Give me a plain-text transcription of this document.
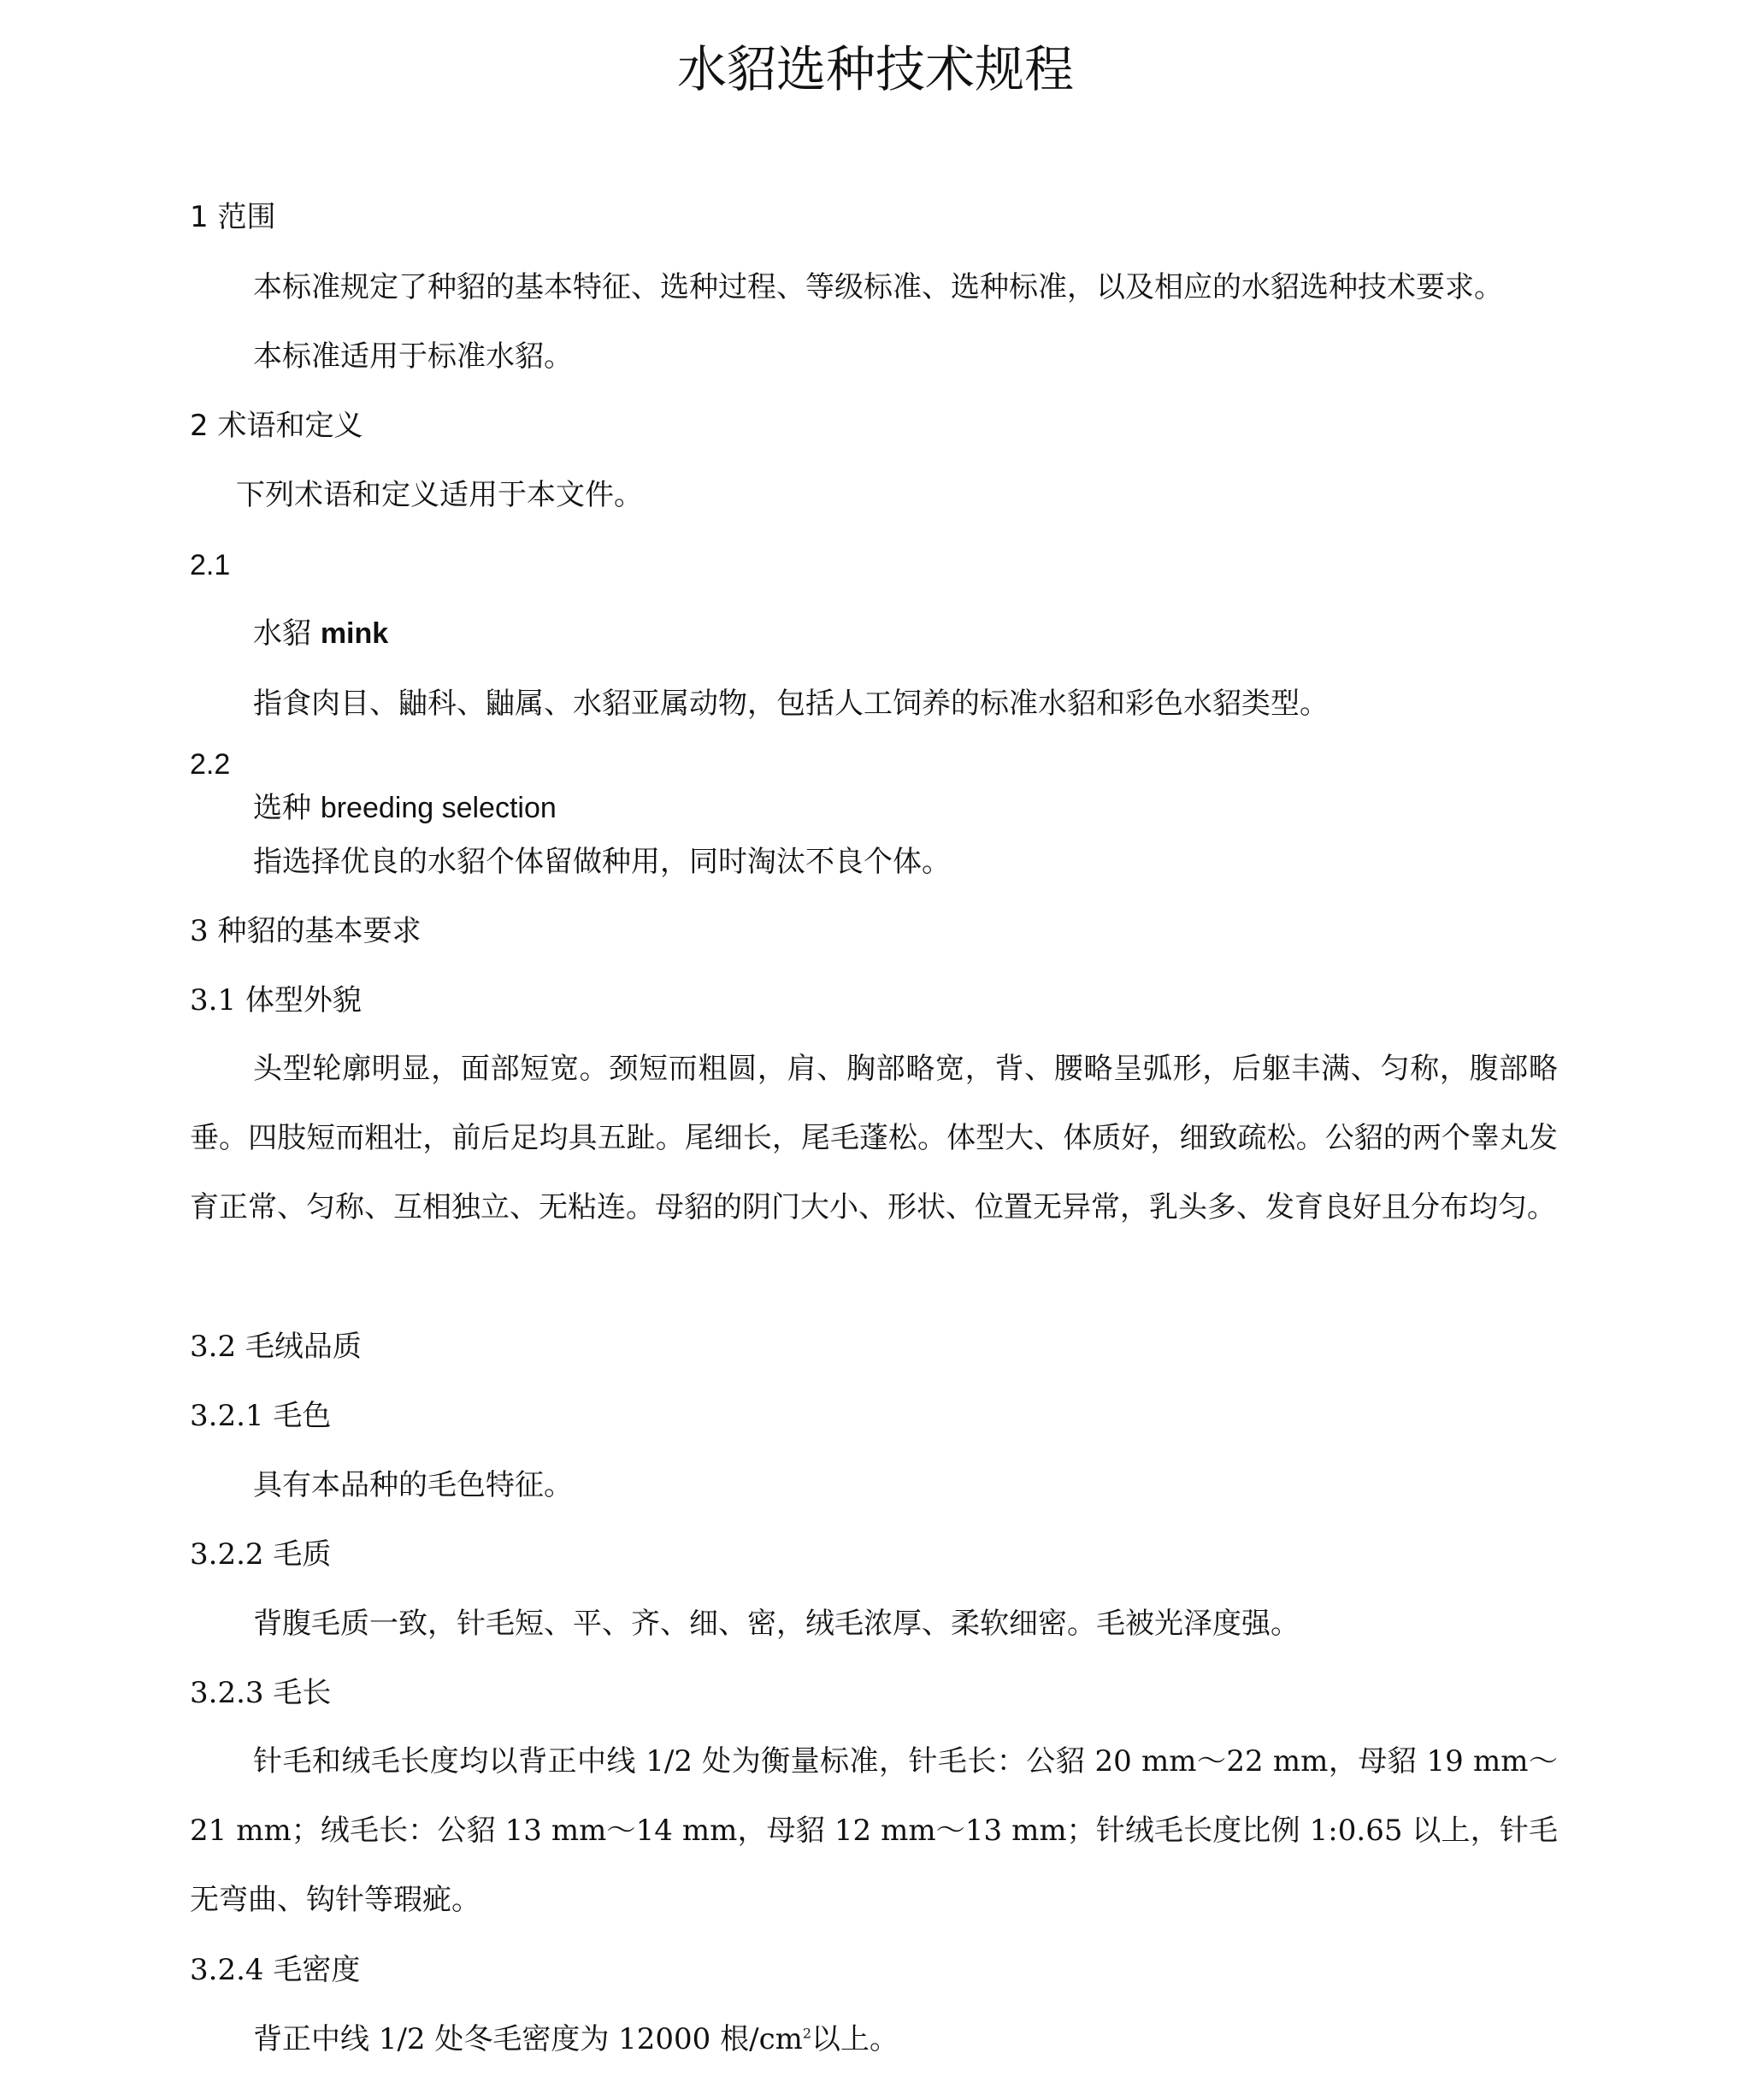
水貂选种技术规程
1 范围
本标准规定了种貂的基本特征、选种过程、等级标准、选种标准，以及相应的水貂选种技术要求。
本标准适用于标准水貂。
2 术语和定义
下列术语和定义适用于本文件。
2.1
水貂 mink
指食肉目、鼬科、鼬属、水貂亚属动物，包括人工饲养的标准水貂和彩色水貂类型。
2.2
选种 breeding selection
指选择优良的水貂个体留做种用，同时淘汰不良个体。
3 种貂的基本要求
3.1 体型外貌

头型轮廓明显，面部短宽。颈短而粗圆，肩、胸部略宽，背、腰略呈弧形，后躯丰满、匀称，腹部略垂。四肢短而粗壮，前后足均具五趾。尾细长，尾毛蓬松。体型大、体质好，细致疏松。公貂的两个睾丸发育正常、匀称、互相独立、无粘连。母貂的阴门大小、形状、位置无异常，乳头多、发育良好且分布均匀。

3.2 毛绒品质
3.2.1 毛色
具有本品种的毛色特征。
3.2.2 毛质
背腹毛质一致，针毛短、平、齐、细、密，绒毛浓厚、柔软细密。毛被光泽度强。
3.2.3 毛长

针毛和绒毛长度均以背正中线 1/2 处为衡量标准，针毛长：公貂 20 mm～22 mm，母貂 19 mm～21 mm；绒毛长：公貂 13 mm～14 mm，母貂 12 mm～13 mm；针绒毛长度比例 1:0.65 以上，针毛无弯曲、钩针等瑕疵。

3.2.4 毛密度
背正中线 1/2 处冬毛密度为 12000 根$/cm^2$以上。
